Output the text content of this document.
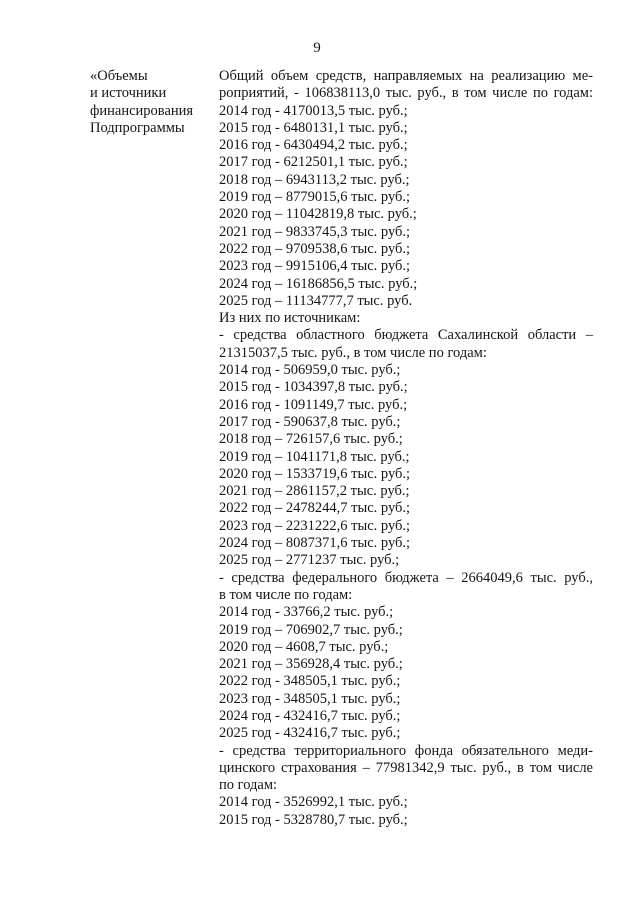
9
«Объемы
и источники
финансирования
Подпрограммы
Общий объем средств, направляемых на реализацию ме-
роприятий, - 106838113,0 тыс. руб., в том числе по годам:
2014 год - 4170013,5 тыс. руб.;
2015 год - 6480131,1 тыс. руб.;
2016 год - 6430494,2 тыс. руб.;
2017 год - 6212501,1 тыс. руб.;
2018 год – 6943113,2 тыс. руб.;
2019 год – 8779015,6 тыс. руб.;
2020 год – 11042819,8 тыс. руб.;
2021 год – 9833745,3 тыс. руб.;
2022 год – 9709538,6 тыс. руб.;
2023 год – 9915106,4 тыс. руб.;
2024 год – 16186856,5 тыс. руб.;
2025 год – 11134777,7 тыс. руб.
Из них по источникам:
- средства областного бюджета Сахалинской области –
21315037,5 тыс. руб., в том числе по годам:
2014 год - 506959,0 тыс. руб.;
2015 год - 1034397,8 тыс. руб.;
2016 год - 1091149,7 тыс. руб.;
2017 год - 590637,8 тыс. руб.;
2018 год – 726157,6 тыс. руб.;
2019 год – 1041171,8 тыс. руб.;
2020 год – 1533719,6 тыс. руб.;
2021 год – 2861157,2 тыс. руб.;
2022 год – 2478244,7 тыс. руб.;
2023 год – 2231222,6 тыс. руб.;
2024 год – 8087371,6 тыс. руб.;
2025 год – 2771237 тыс. руб.;
- средства федерального бюджета – 2664049,6 тыс. руб.,
в том числе по годам:
2014 год - 33766,2 тыс. руб.;
2019 год – 706902,7 тыс. руб.;
2020 год – 4608,7 тыс. руб.;
2021 год – 356928,4 тыс. руб.;
2022 год - 348505,1 тыс. руб.;
2023 год - 348505,1 тыс. руб.;
2024 год - 432416,7 тыс. руб.;
2025 год - 432416,7 тыс. руб.;
- средства территориального фонда обязательного меди-
цинского страхования – 77981342,9 тыс. руб., в том числе
по годам:
2014 год - 3526992,1 тыс. руб.;
2015 год - 5328780,7 тыс. руб.;
